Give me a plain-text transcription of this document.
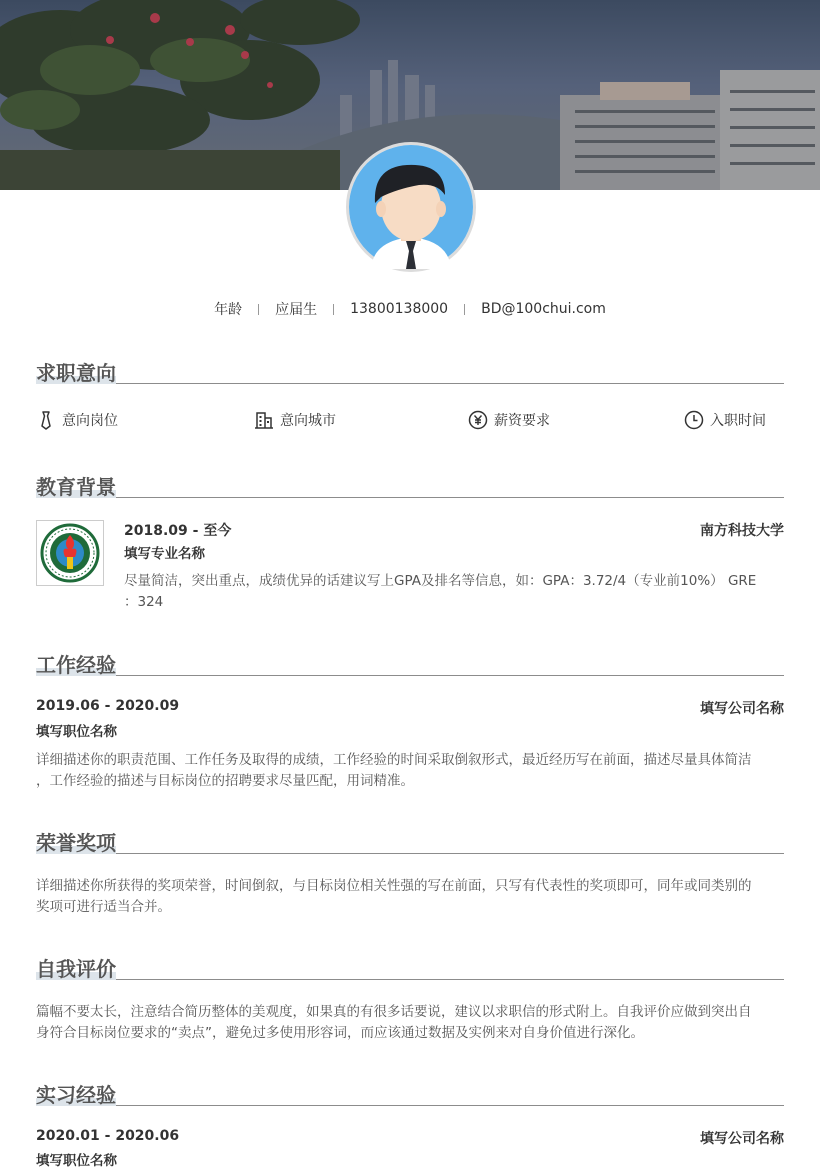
年龄	应届生	13800138000	BD@100chui.com
求职意向
意向岗位	意向城市	薪资要求	入职时间
教育背景
2018.09 - 至今	南方科技大学
填写专业名称
尽量简洁，突出重点，成绩优异的话建议写上GPA及排名等信息，如：GPA：3.72/4（专业前10%） GRE
：324
工作经验
2019.06 - 2020.09	填写公司名称
填写职位名称
详细描述你的职责范围、工作任务及取得的成绩，工作经验的时间采取倒叙形式，最近经历写在前面，描述尽量具体简洁
，工作经验的描述与目标岗位的招聘要求尽量匹配，用词精准。
荣誉奖项
详细描述你所获得的奖项荣誉，时间倒叙，与目标岗位相关性强的写在前面，只写有代表性的奖项即可，同年或同类别的
奖项可进行适当合并。
自我评价
篇幅不要太长，注意结合简历整体的美观度，如果真的有很多话要说，建议以求职信的形式附上。自我评价应做到突出自
身符合目标岗位要求的“卖点”，避免过多使用形容词，而应该通过数据及实例来对自身价值进行深化。
实习经验
2020.01 - 2020.06	填写公司名称
填写职位名称
